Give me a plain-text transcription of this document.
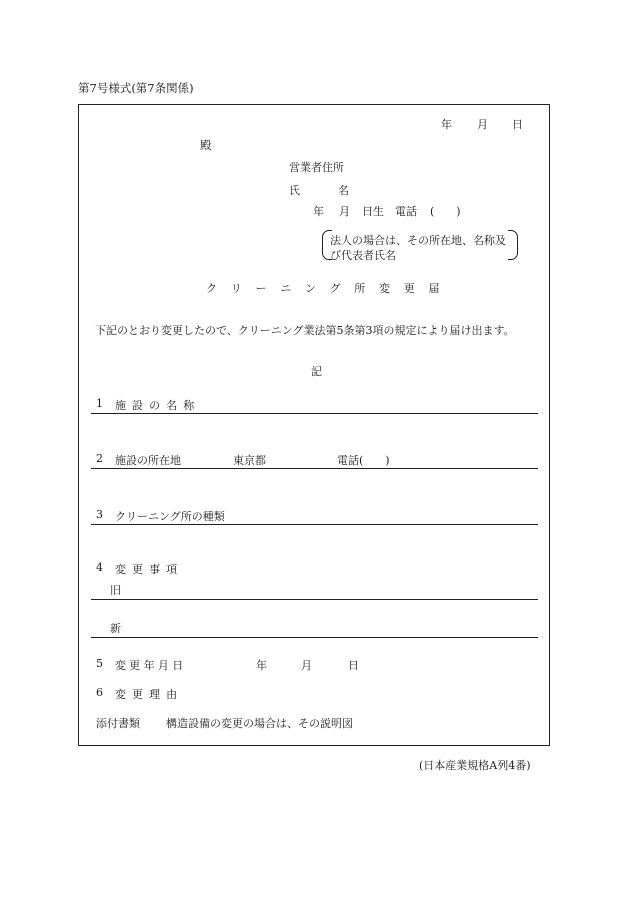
第7号様式(第7条関係)
年 月 日
殿
営業者住所
氏	名
年 月 日生 電話 (　　)
法人の場合は、その所在地、名称及
び代表者氏名
クリーニング所変更届
下記のとおり変更したので、クリーニング業法第5条第3項の規定により届け出ます。
記
1 施設の名称
2 施設の所在地	東京都	電話(　　)
3 クリーニング所の種類
4 変更事項
旧
新
5 変更年月日	年	月	日
6 変更理由
添付書類 構造設備の変更の場合は、その説明図
(日本産業規格A列4番)
